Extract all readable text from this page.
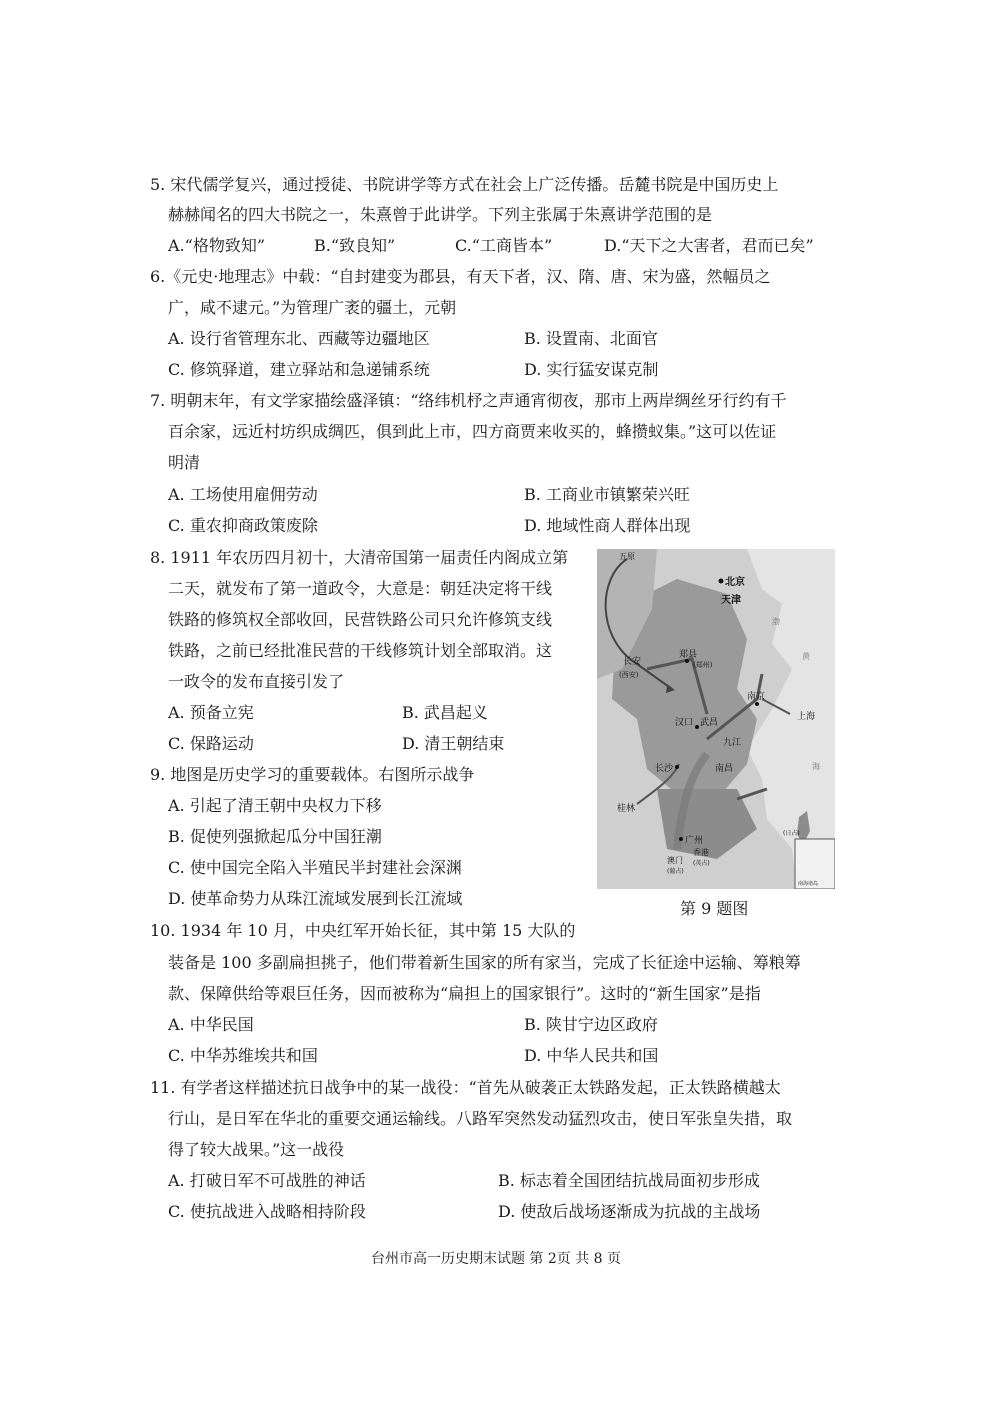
5. 宋代儒学复兴，通过授徒、书院讲学等方式在社会上广泛传播。岳麓书院是中国历史上
赫赫闻名的四大书院之一，朱熹曾于此讲学。下列主张属于朱熹讲学范围的是
A.“格物致知”	B.“致良知”	C.“工商皆本”	D.“天下之大害者，君而已矣”
6.《元史·地理志》中载：“自封建变为郡县，有天下者，汉、隋、唐、宋为盛，然幅员之
广，咸不逮元。”为管理广袤的疆土，元朝
A. 设行省管理东北、西藏等边疆地区	B. 设置南、北面官
C. 修筑驿道，建立驿站和急递铺系统	D. 实行猛安谋克制
7. 明朝末年，有文学家描绘盛泽镇：“络纬机杼之声通宵彻夜，那市上两岸绸丝牙行约有千
百余家，远近村坊织成绸匹，俱到此上市，四方商贾来收买的，蜂攒蚁集。”这可以佐证
明清
A. 工场使用雇佣劳动	B. 工商业市镇繁荣兴旺
C. 重农抑商政策废除	D. 地域性商人群体出现
8. 1911 年农历四月初十，大清帝国第一届责任内阁成立第
二天，就发布了第一道政令，大意是：朝廷决定将干线
铁路的修筑权全部收回，民营铁路公司只允许修筑支线
铁路，之前已经批准民营的干线修筑计划全部取消。这
一政令的发布直接引发了
A. 预备立宪	B. 武昌起义
C. 保路运动	D. 清王朝结束
9. 地图是历史学习的重要载体。右图所示战争
A. 引起了清王朝中央权力下移
B. 促使列强掀起瓜分中国狂潮
C. 使中国完全陷入半殖民半封建社会深渊
D. 使革命势力从珠江流域发展到长江流域
五原
北京
天津
长安
(西安)
郑县
(郑州)
南京
上海
汉口 武昌
九江
长沙	南昌
桂林
广州
澳门
(葡占)
香港
(英占)
(日占)
南海诸岛
渤
黄
海
第 9 题图
10. 1934 年 10 月，中央红军开始长征，其中第 15 大队的
装备是 100 多副扁担挑子，他们带着新生国家的所有家当，完成了长征途中运输、筹粮筹
款、保障供给等艰巨任务，因而被称为“扁担上的国家银行”。这时的“新生国家”是指
A. 中华民国	B. 陕甘宁边区政府
C. 中华苏维埃共和国	D. 中华人民共和国
11. 有学者这样描述抗日战争中的某一战役：“首先从破袭正太铁路发起，正太铁路横越太
行山，是日军在华北的重要交通运输线。八路军突然发动猛烈攻击，使日军张皇失措，取
得了较大战果。”这一战役
A. 打破日军不可战胜的神话	B. 标志着全国团结抗战局面初步形成
C. 使抗战进入战略相持阶段	D. 使敌后战场逐渐成为抗战的主战场
台州市高一历史期末试题 第 2页 共 8 页
